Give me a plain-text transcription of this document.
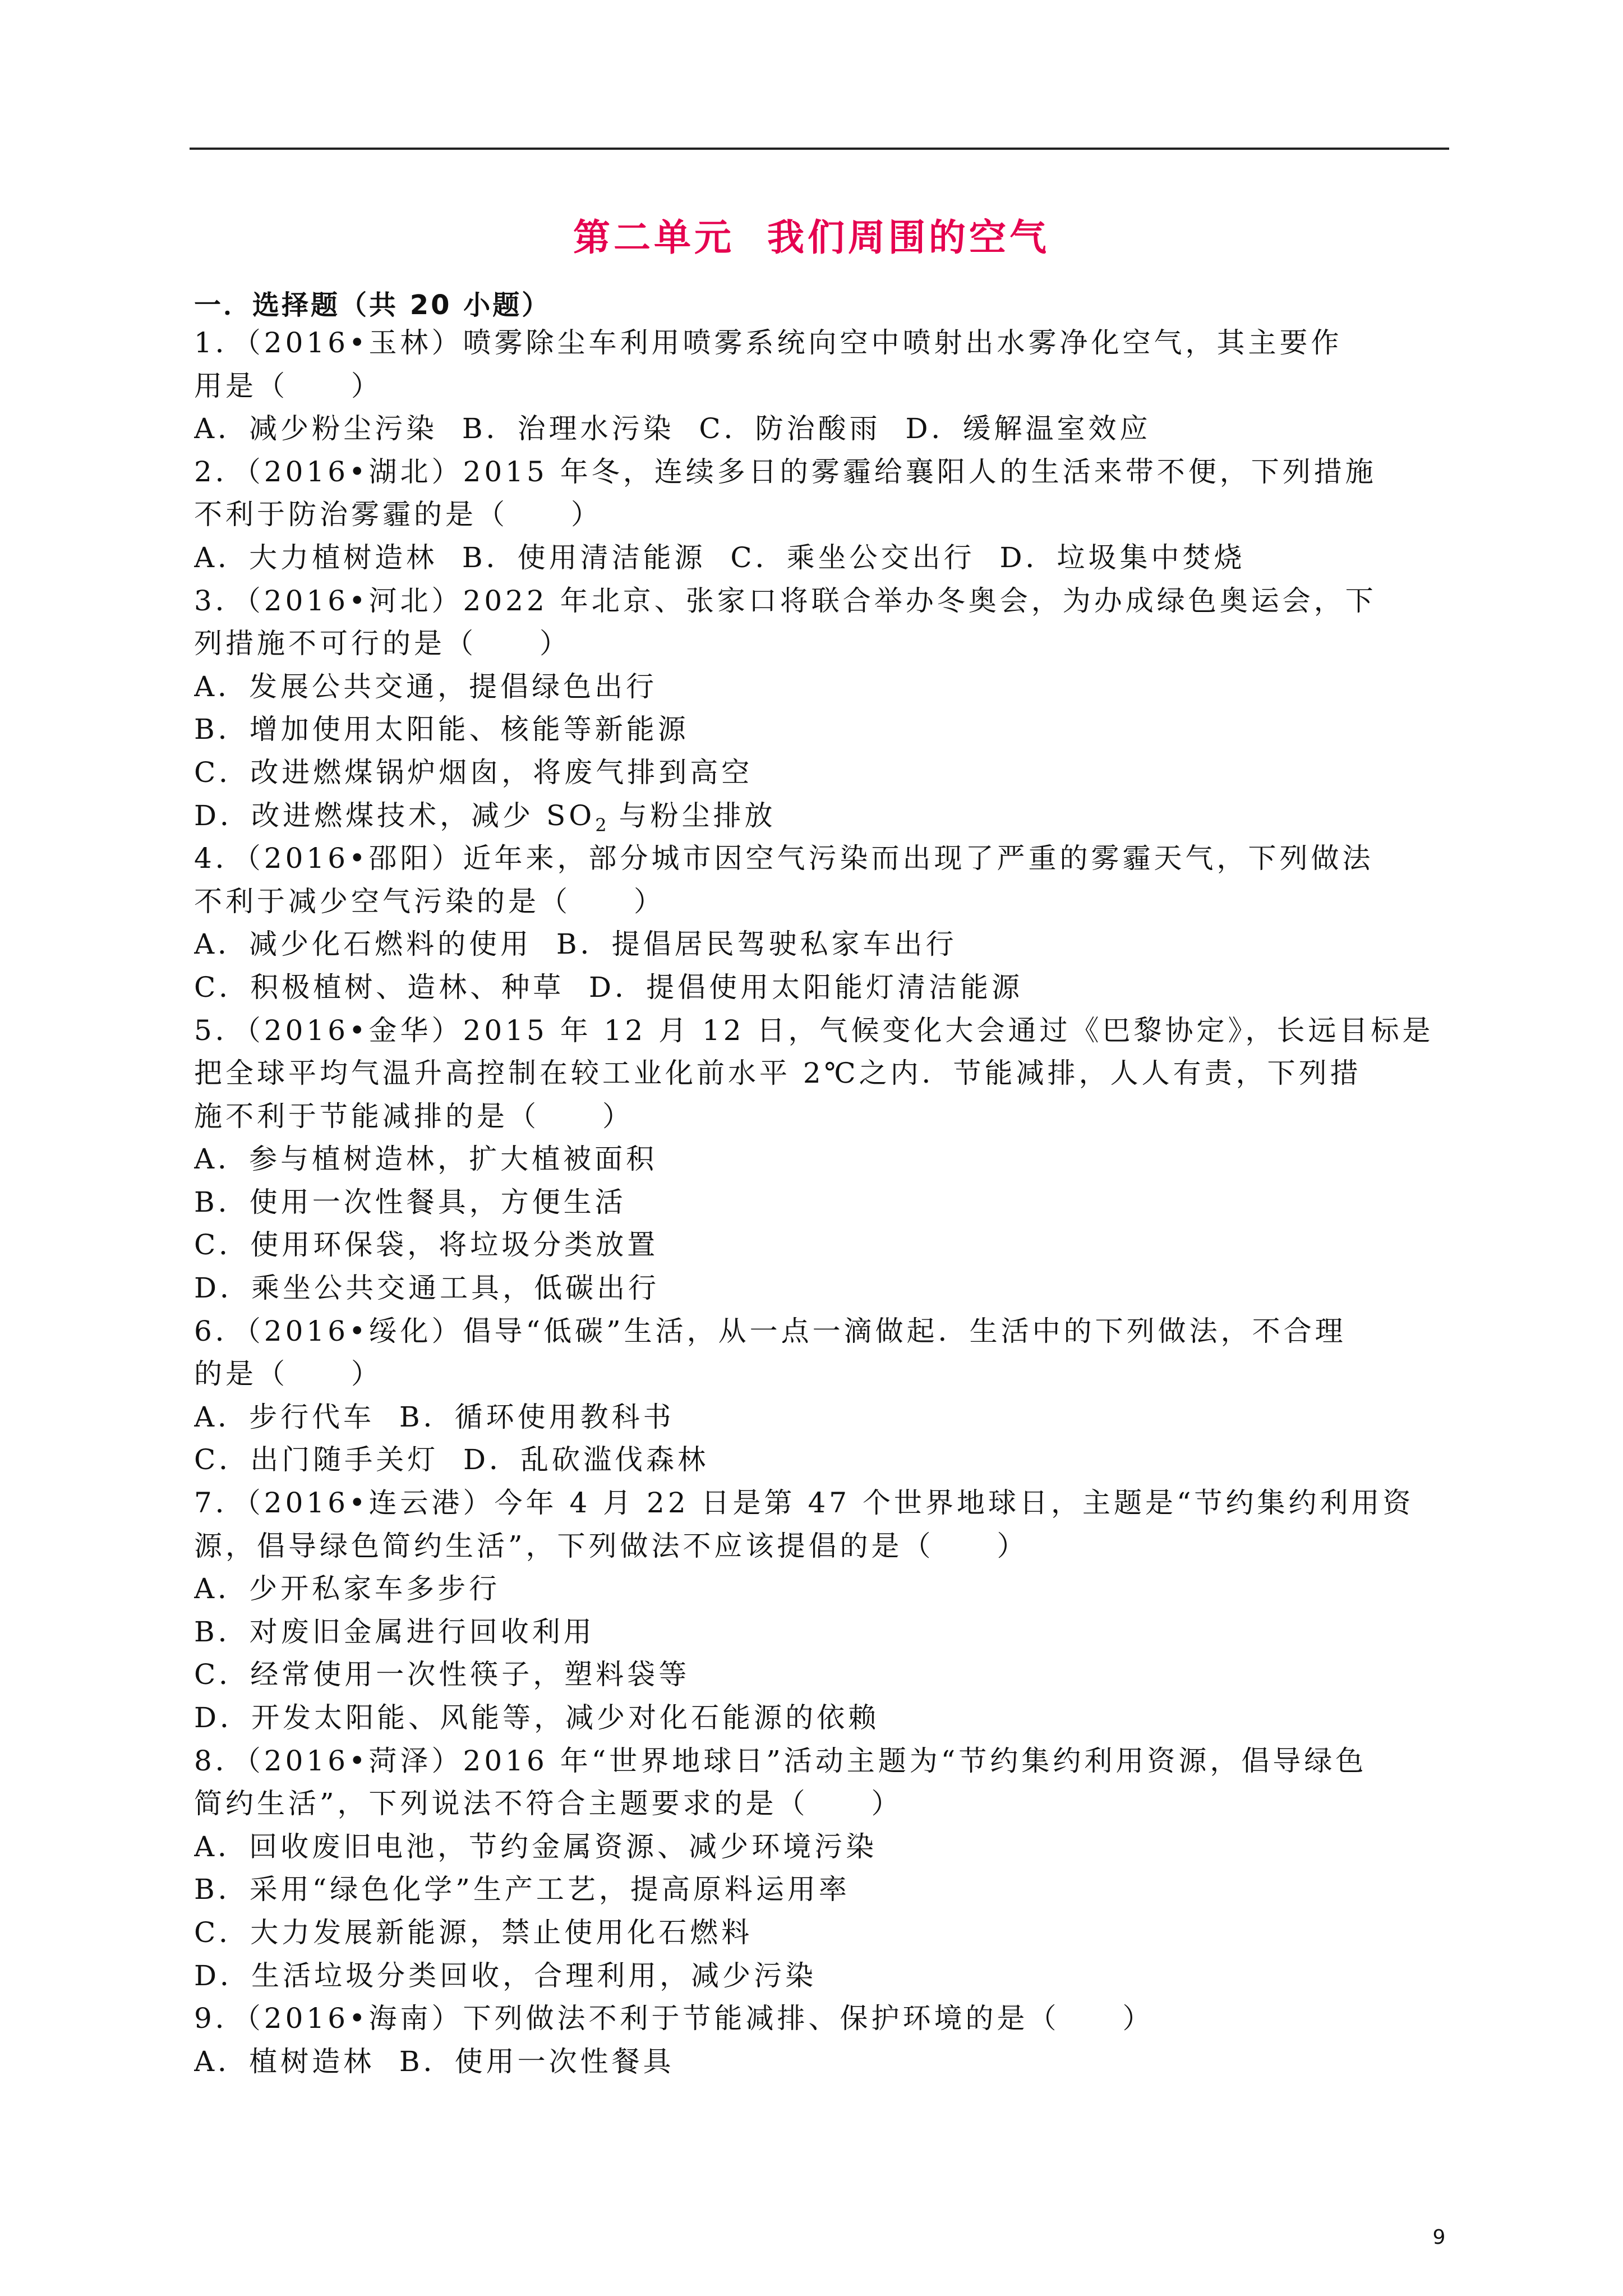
第二单元  我们周围的空气
一．选择题（共 20 小题）
1．（2016•玉林）喷雾除尘车利用喷雾系统向空中喷射出水雾净化空气，其主要作
用是（　　）
A．减少粉尘污染  B．治理水污染  C．防治酸雨  D．缓解温室效应
2．（2016•湖北）2015 年冬，连续多日的雾霾给襄阳人的生活来带不便，下列措施
不利于防治雾霾的是（　　）
A．大力植树造林  B．使用清洁能源  C．乘坐公交出行  D．垃圾集中焚烧
3．（2016•河北）2022 年北京、张家口将联合举办冬奥会，为办成绿色奥运会，下
列措施不可行的是（　　）
A．发展公共交通，提倡绿色出行
B．增加使用太阳能、核能等新能源
C．改进燃煤锅炉烟囱，将废气排到高空
D．改进燃煤技术，减少 $SO_2$ 与粉尘排放
4．（2016•邵阳）近年来，部分城市因空气污染而出现了严重的雾霾天气，下列做法
不利于减少空气污染的是（　　）
A．减少化石燃料的使用  B．提倡居民驾驶私家车出行
C．积极植树、造林、种草  D．提倡使用太阳能灯清洁能源
5．（2016•金华）2015 年 12 月 12 日，气候变化大会通过《巴黎协定》，长远目标是
把全球平均气温升高控制在较工业化前水平 2℃之内．节能减排，人人有责，下列措
施不利于节能减排的是（　　）
A．参与植树造林，扩大植被面积
B．使用一次性餐具，方便生活
C．使用环保袋，将垃圾分类放置
D．乘坐公共交通工具，低碳出行
6．（2016•绥化）倡导“低碳”生活，从一点一滴做起．生活中的下列做法，不合理
的是（　　）
A．步行代车  B．循环使用教科书
C．出门随手关灯  D．乱砍滥伐森林
7．（2016•连云港）今年 4 月 22 日是第 47 个世界地球日，主题是“节约集约利用资
源，倡导绿色简约生活”，下列做法不应该提倡的是（　　）
A．少开私家车多步行
B．对废旧金属进行回收利用
C．经常使用一次性筷子，塑料袋等
D．开发太阳能、风能等，减少对化石能源的依赖
8．（2016•菏泽）2016 年“世界地球日”活动主题为“节约集约利用资源，倡导绿色
简约生活”，下列说法不符合主题要求的是（　　）
A．回收废旧电池，节约金属资源、减少环境污染
B．采用“绿色化学”生产工艺，提高原料运用率
C．大力发展新能源，禁止使用化石燃料
D．生活垃圾分类回收，合理利用，减少污染
9．（2016•海南）下列做法不利于节能减排、保护环境的是（　　）
A．植树造林  B．使用一次性餐具
9
